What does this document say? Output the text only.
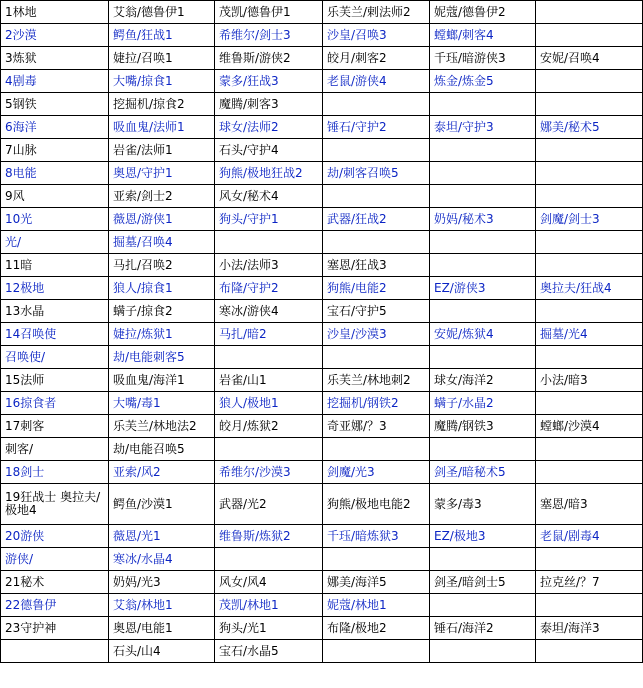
1林地	艾翁/德鲁伊1	茂凯/德鲁伊1	乐芙兰/剌法师2	妮蔻/德鲁伊2	
2沙漠	鳄鱼/狂战1	希维尔/剑士3	沙皇/召唤3	螳螂/刺客4	
3炼狱	婕拉/召唤1	维鲁斯/游侠2	皎月/刺客2	千珏/暗游侠3	安妮/召唤4
4剧毒	大嘴/掠食1	蒙多/狂战3	老鼠/游侠4	炼金/炼金5	
5钢铁	挖掘机/掠食2	魔腾/刺客3			
6海洋	吸血鬼/法师1	球女/法师2	锤石/守护2	泰坦/守护3	娜美/秘术5
7山脉	岩雀/法师1	石头/守护4			
8电能	奥恩/守护1	狗熊/极地狂战2	劫/刺客召唤5		
9风	亚索/剑士2	风女/秘术4			
10光	薇恩/游侠1	狗头/守护1	武器/狂战2	奶妈/秘术3	剑魔/剑士3
光/	掘墓/召唤4				
11暗	马扎/召唤2	小法/法师3	塞恩/狂战3		
12极地	狼人/掠食1	布隆/守护2	狗熊/电能2	EZ/游侠3	奥拉夫/狂战4
13水晶	螨子/掠食2	寒冰/游侠4	宝石/守护5		
14召唤使	婕拉/炼狱1	马扎/暗2	沙皇/沙漠3	安妮/炼狱4	掘墓/光4
召唤使/	劫/电能刺客5				
15法师	吸血鬼/海洋1	岩雀/山1	乐芙兰/林地刺2	球女/海洋2	小法/暗3
16掠食者	大嘴/毒1	狼人/极地1	挖掘机/钢铁2	螨子/水晶2	
17刺客	乐芙兰/林地法2	皎月/炼狱2	奇亚娜/？3	魔腾/钢铁3	螳螂/沙漠4
刺客/	劫/电能召唤5				
18剑士	亚索/风2	希维尔/沙漠3	剑魔/光3	剑圣/暗秘术5	
19狂战士 奥拉夫/极地4	鳄鱼/沙漠1	武器/光2	狗熊/极地电能2	蒙多/毒3	塞恩/暗3
20游侠	薇恩/光1	维鲁斯/炼狱2	千珏/暗炼狱3	EZ/极地3	老鼠/剧毒4
游侠/	寒冰/水晶4				
21秘术	奶妈/光3	风女/风4	娜美/海洋5	剑圣/暗剑士5	拉克丝/？7
22德鲁伊	艾翁/林地1	茂凯/林地1	妮蔻/林地1		
23守护神	奥恩/电能1	狗头/光1	布隆/极地2	锤石/海洋2	泰坦/海洋3
	石头/山4	宝石/水晶5			
